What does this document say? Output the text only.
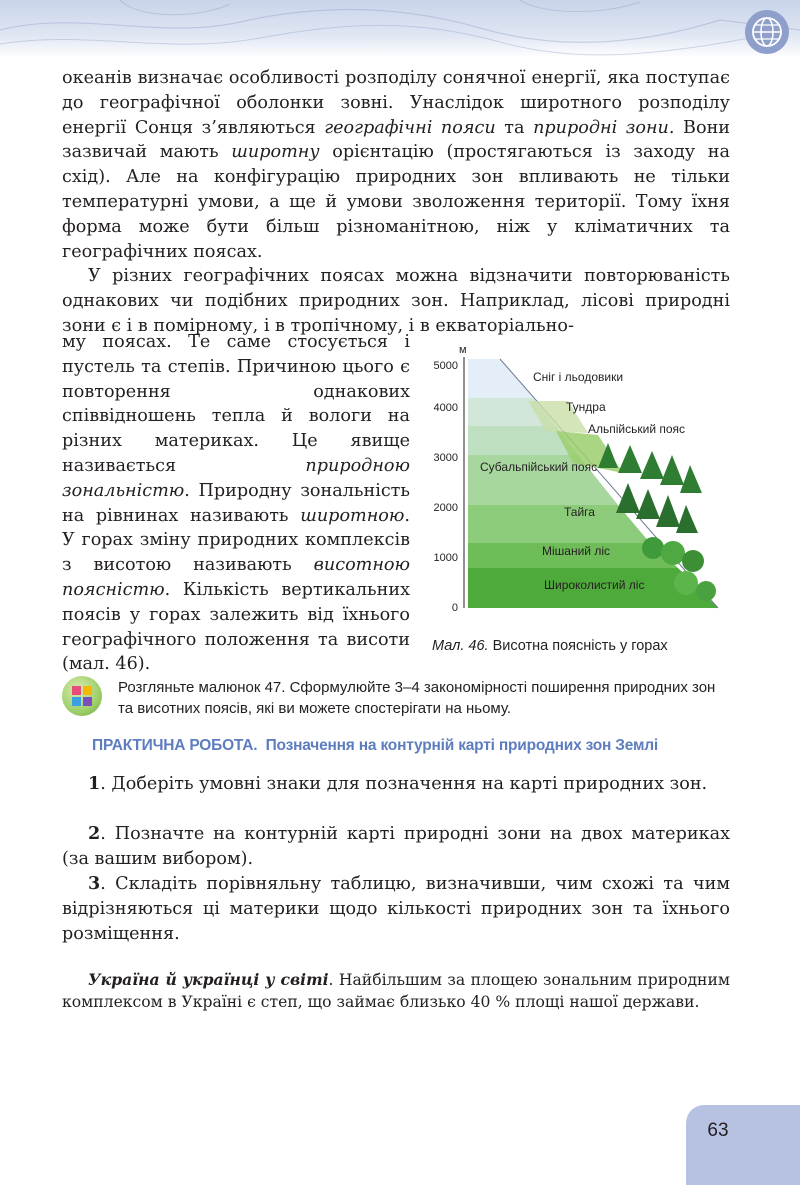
океанів визначає особливості розподілу сонячної енергії, яка поступає до географічної оболонки зовні. Унаслідок широтного розподілу енергії Сонця з’являються географічні пояси та природні зони. Вони зазвичай мають широтну орієнтацію (простягаються із заходу на схід). Але на конфігурацію природних зон впливають не тільки температурні умови, а ще й умови зволоження території. Тому їхня форма може бути більш різноманітною, ніж у кліматичних та географічних поясах.

У різних географічних поясах можна відзначити повторюваність однакових чи подібних природних зон. Наприклад, лісові природні зони є і в помірному, і в тропічному, і в екваторіально-

му поясах. Те саме стосується і пустель та степів. Причиною цього є повторення однакових співвідношень тепла й вологи на різних материках. Це явище називається	природною зональністю. Природну зональність на рівнинах називають широтною. У горах зміну природних комплексів з висотою називають висотною поясністю. Кількість вертикальних поясів у горах залежить від їхнього географічного положення та висоти (мал. 46).

м
5000
4000
3000
2000
1000
0
Сніг і льодовики
Тундра
Альпійський пояс
Субальпійський пояс
Тайга
Мішаний ліс
Широколистий ліс
Мал. 46. Висотна поясність у горах
Розгляньте малюнок 47. Сформулюйте 3–4 закономірності поширення природних зон та висотних поясів, які ви можете спостерігати на ньому.
ПРАКТИЧНА РОБОТА. Позначення на контурній карті природних зон Землі

1. Доберіть умовні знаки для позначення на карті природних зон.

2. Позначте на контурній карті природні зони на двох материках (за вашим вибором).

3. Складіть порівняльну таблицю, визначивши, чим схожі та чим відрізняються ці материки щодо кількості природних зон та їхнього розміщення.

Україна й українці у світі. Найбільшим за площею зональним природним комплексом в Україні є степ, що займає близько 40 % площі нашої держави.

63
